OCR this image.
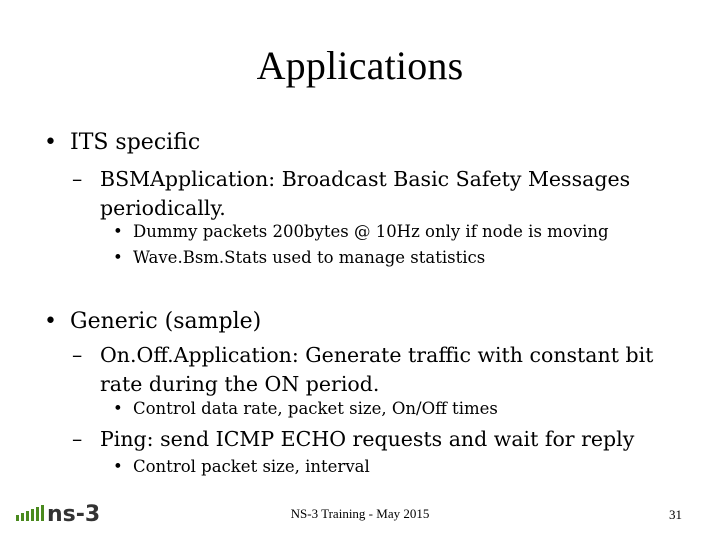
Applications
• ITS specific
– BSMApplication: Broadcast Basic Safety Messages periodically.
• Dummy packets 200bytes @ 10Hz only if node is moving
• Wave.Bsm.Stats used to manage statistics
• Generic (sample)
– On.Off.Application: Generate traffic with constant bit rate during the ON period.
• Control data rate, packet size, On/Off times
– Ping: send ICMP ECHO requests and wait for reply
• Control packet size, interval
ns-3	NS-3 Training - May 2015	31
